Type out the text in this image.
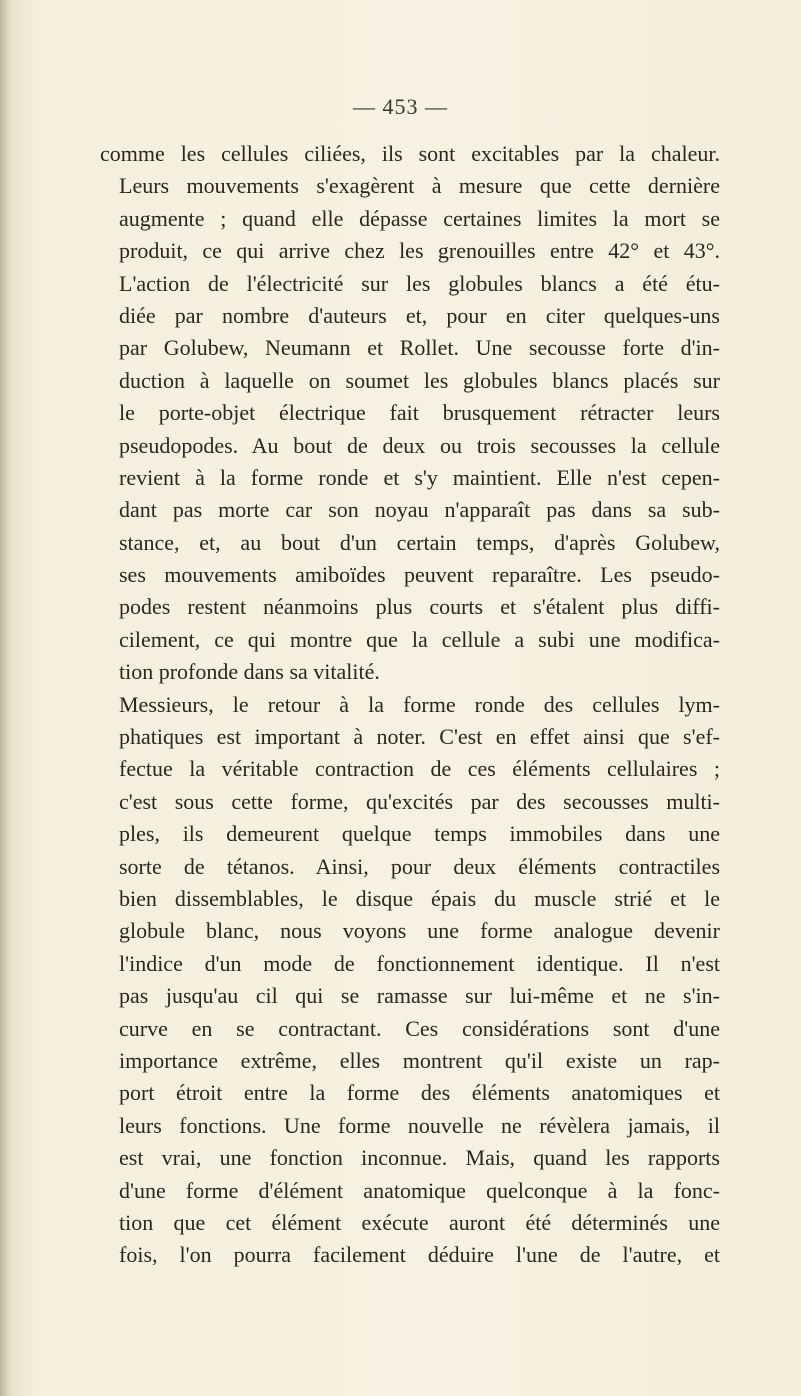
— 453 —
comme les cellules ciliées, ils sont excitables par la chaleur.
Leurs mouvements s'exagèrent à mesure que cette dernière
augmente ; quand elle dépasse certaines limites la mort se
produit, ce qui arrive chez les grenouilles entre 42° et 43°.
L'action de l'électricité sur les globules blancs a été étu-
diée par nombre d'auteurs et, pour en citer quelques-uns
par Golubew, Neumann et Rollet. Une secousse forte d'in-
duction à laquelle on soumet les globules blancs placés sur
le porte-objet électrique fait brusquement rétracter leurs
pseudopodes. Au bout de deux ou trois secousses la cellule
revient à la forme ronde et s'y maintient. Elle n'est cepen-
dant pas morte car son noyau n'apparaît pas dans sa sub-
stance, et, au bout d'un certain temps, d'après Golubew,
ses mouvements amiboïdes peuvent reparaître. Les pseudo-
podes restent néanmoins plus courts et s'étalent plus diffi-
cilement, ce qui montre que la cellule a subi une modifica-
tion profonde dans sa vitalité.
Messieurs, le retour à la forme ronde des cellules lym-
phatiques est important à noter. C'est en effet ainsi que s'ef-
fectue la véritable contraction de ces éléments cellulaires ;
c'est sous cette forme, qu'excités par des secousses multi-
ples, ils demeurent quelque temps immobiles dans une
sorte de tétanos. Ainsi, pour deux éléments contractiles
bien dissemblables, le disque épais du muscle strié et le
globule blanc, nous voyons une forme analogue devenir
l'indice d'un mode de fonctionnement identique. Il n'est
pas jusqu'au cil qui se ramasse sur lui-même et ne s'in-
curve en se contractant. Ces considérations sont d'une
importance extrême, elles montrent qu'il existe un rap-
port étroit entre la forme des éléments anatomiques et
leurs fonctions. Une forme nouvelle ne révèlera jamais, il
est vrai, une fonction inconnue. Mais, quand les rapports
d'une forme d'élément anatomique quelconque à la fonc-
tion que cet élément exécute auront été déterminés une
fois, l'on pourra facilement déduire l'une de l'autre, et
